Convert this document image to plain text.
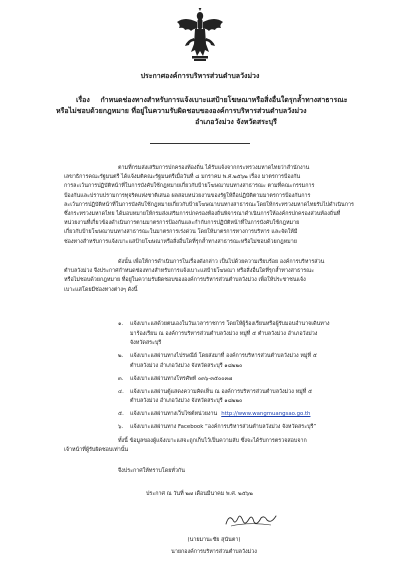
ประกาศองค์การบริหารส่วนตำบลวังม่วง
เรื่อง กำหนดช่องทางสำหรับการแจ้งเบาะแสป้ายโฆษณาหรือสิ่งอื่นใดรุกล้ำทางสาธารณะ
หรือไม่ชอบด้วยกฎหมาย ที่อยู่ในความรับผิดชอบขององค์การบริหารส่วนตำบลวังม่วง
อำเภอวังม่วง จังหวัดสระบุรี
ตามที่กรมส่งเสริมการปกครองท้องถิ่น ได้รับแจ้งจากกระทรวงมหาดไทยว่าสำนักงาน
เลขาธิการคณะรัฐมนตรี ได้แจ้งมติคณะรัฐมนตรีเมื่อวันที่ ๘ มกราคม พ.ศ.๒๕๖๒ เรื่อง มาตรการป้องกัน
การละเว้นการปฏิบัติหน้าที่ในการบังคับใช้กฎหมายเกี่ยวกับป้ายโฆษณาบนทางสาธารณะ ตามที่คณะกรรมการ
ป้องกันและปราบปรามการทุจริตแห่งชาติเสนอ ผลสอบหน่วยงานของรัฐให้ถือปฏิบัติตามมาตรการป้องกันการ
ละเว้นการปฏิบัติหน้าที่ในการบังคับใช้กฎหมายเกี่ยวกับป้ายโฆษณาบนทางสาธารณะโดยให้กระทรวงมหาดไทยรับไปดำเนินการ
ซึ่งกระทรวงมหาดไทย ได้มอบหมายให้กรมส่งเสริมการปกครองท้องถิ่นพิจารณาดำเนินการให้องค์กรปกครองส่วนท้องถิ่นที่
หน่วยงานที่เกี่ยวข้องดำเนินการตามมาตรการป้องกันและกำกับการปฏิบัติหน้าที่ในการบังคับใช้กฎหมาย
เกี่ยวกับป้ายโฆษณาบนทางสาธารณะในมาตรการเร่งด่วน โดยให้มาตรการทางการบริหาร และจัดให้มี
ช่องทางสำหรับการแจ้งเบาะแสป้ายโฆษณาหรือสิ่งอื่นใดที่รุกล้ำทางสาธารณะหรือไม่ชอบด้วยกฎหมาย
ดังนั้น เพื่อให้การดำเนินการในเรื่องดังกล่าว เป็นไปด้วยความเรียบร้อย องค์การบริหารส่วน
ตำบลวังม่วง จึงประกาศกำหนดช่องทางสำหรับการแจ้งเบาะแสป้ายโฆษณา หรือสิ่งอื่นใดที่รุกล้ำทางสาธารณะ
หรือไม่ชอบด้วยกฎหมาย ที่อยู่ในความรับผิดชอบขององค์การบริหารส่วนตำบลวังม่วง เพื่อให้ประชาชนแจ้ง
เบาะแสโดยมีช่องทางต่างๆ ดังนี้
๑.	แจ้งเบาะแสด้วยตนเองในวันเวลาราชการ โดยให้ผู้ร้องเรียนหรือผู้รับมอบอำนาจเดินทาง
มาร้องเรียน ณ องค์การบริหารส่วนตำบลวังม่วง หมู่ที่ ๕ ตำบลวังม่วง อำเภอวังม่วง
จังหวัดสระบุรี
๒.	แจ้งเบาะแสผ่านทางไปรษณีย์ โดยส่งมาที่ องค์การบริหารส่วนตำบลวังม่วง หมู่ที่ ๕
ตำบลวังม่วง อำเภอวังม่วง จังหวัดสระบุรี ๑๘๒๒๐
๓.	แจ้งเบาะแสผ่านทางโทรศัพท์ ๐๓๖-๓๕๐๐๓๗
๔.	แจ้งเบาะแสผ่านตู้แสดงความคิดเห็น ณ องค์การบริหารส่วนตำบลวังม่วง หมู่ที่ ๕
ตำบลวังม่วง อำเภอวังม่วง จังหวัดสระบุรี ๑๘๒๒๐
๕.	แจ้งเบาะแสผ่านทางเว็บไซต์หน่วยงาน http://www.wangmuangsao.go.th
๖.	แจ้งเบาะแสผ่านทาง Facebook “องค์การบริหารส่วนตำบลวังม่วง จังหวัดสระบุรี”
ทั้งนี้ ข้อมูลของผู้แจ้งเบาะแสจะถูกเก็บไว้เป็นความลับ ซึ่งจะได้รับการตรวจสอบจาก
เจ้าหน้าที่ผู้รับผิดชอบเท่านั้น
จึงประกาศให้ทราบโดยทั่วกัน
ประกาศ ณ วันที่ ๒๗ เดือนมีนาคม พ.ศ. ๒๕๖๒
(นายมานะชัย สุนันตา)
นายกองค์การบริหารส่วนตำบลวังม่วง
